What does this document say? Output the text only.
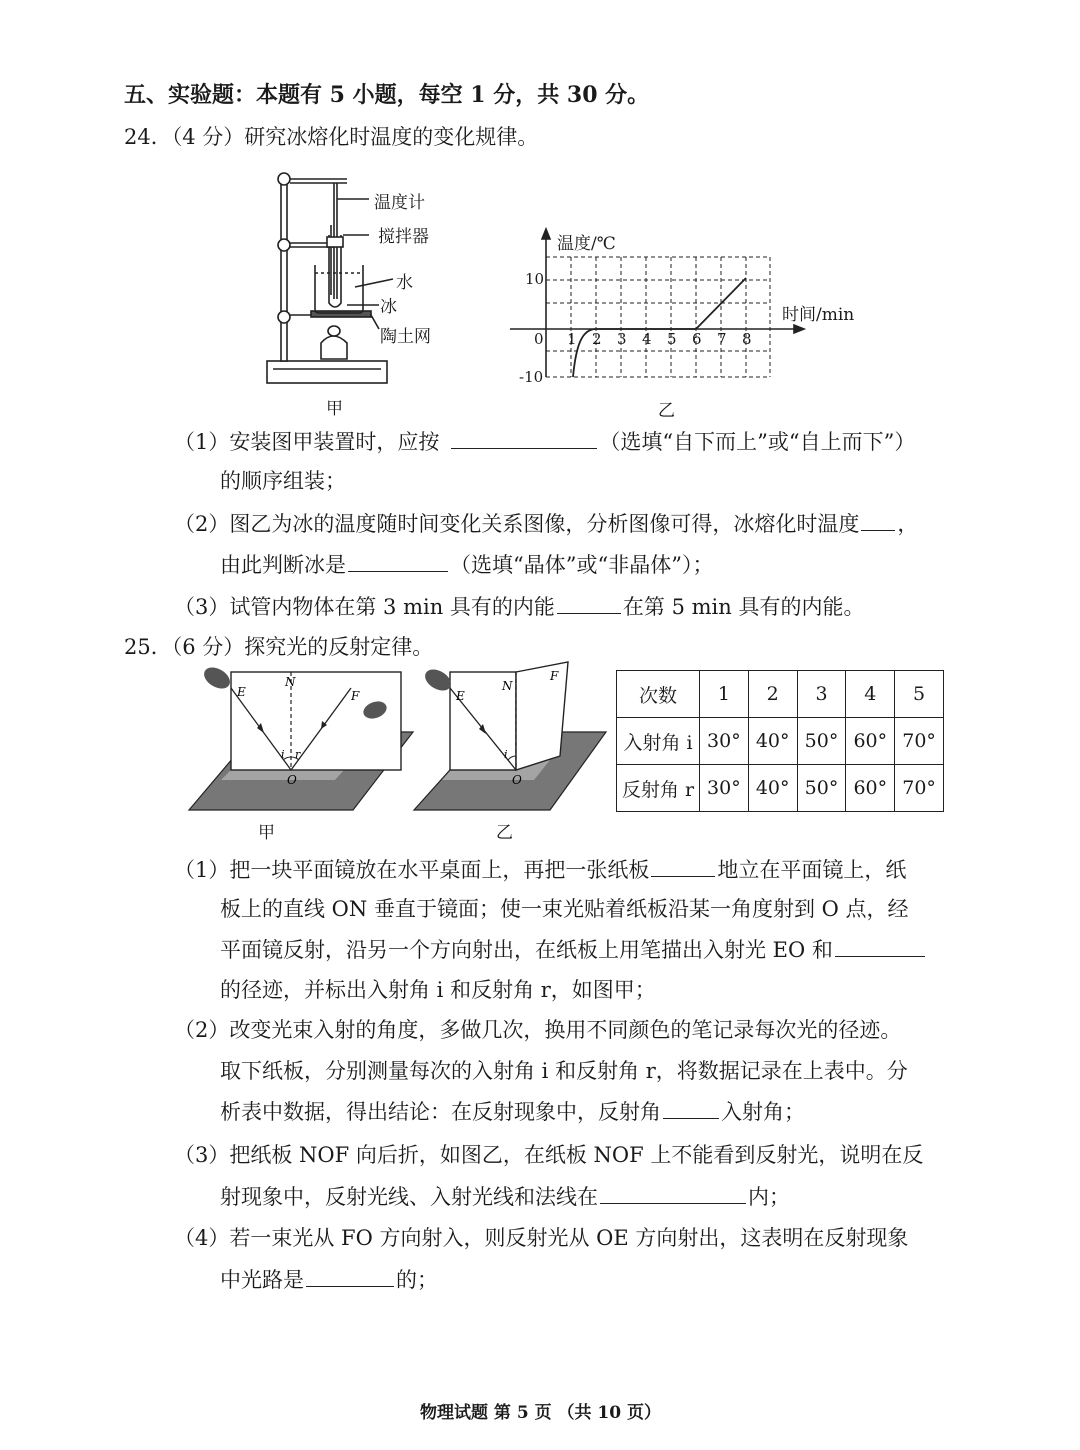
五、实验题：本题有 5 小题，每空 1 分，共 30 分。
24．（4 分）研究冰熔化时温度的变化规律。
温度计
搅拌器
水
冰
陶土网
甲
温度/℃
时间/min
10
-10
0 1 2 3 4 5 6 7 8
乙
（1）安装图甲装置时，应按	（选填“自下而上”或“自上而下”）
的顺序组装；
（2）图乙为冰的温度随时间变化关系图像，分析图像可得，冰熔化时温度 ，
由此判断冰是	（选填“晶体”或“非晶体”）；
（3）试管内物体在第 3 min 具有的内能	在第 5 min 具有的内能。
25．（6 分）探究光的反射定律。
E
N
F
O
i r
甲
E
N
F
O
i
乙
次数	1	2	3	4	5
入射角 i	30°	40°	50°	60°	70°
反射角 r	30°	40°	50°	60°	70°
（1）把一块平面镜放在水平桌面上，再把一张纸板	地立在平面镜上，纸
板上的直线 ON 垂直于镜面；使一束光贴着纸板沿某一角度射到 O 点，经
平面镜反射，沿另一个方向射出，在纸板上用笔描出入射光 EO 和
的径迹，并标出入射角 i 和反射角 r，如图甲；
（2）改变光束入射的角度，多做几次，换用不同颜色的笔记录每次光的径迹。
取下纸板，分别测量每次的入射角 i 和反射角 r，将数据记录在上表中。分
析表中数据，得出结论：在反射现象中，反射角	入射角；
（3）把纸板 NOF 向后折，如图乙，在纸板 NOF 上不能看到反射光，说明在反
射现象中，反射光线、入射光线和法线在	内；
（4）若一束光从 FO 方向射入，则反射光从 OE 方向射出，这表明在反射现象
中光路是	的；
物理试题 第 5 页 （共 10 页）
